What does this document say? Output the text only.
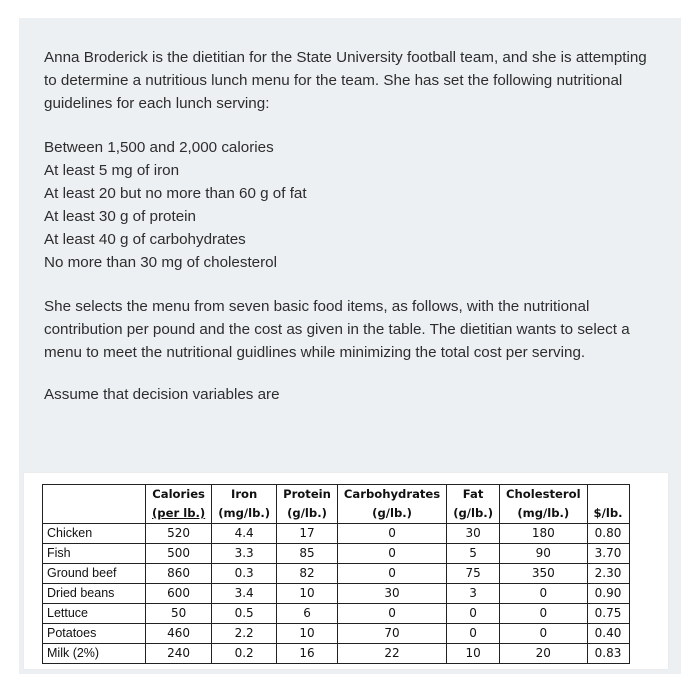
Anna Broderick is the dietitian for the State University football team, and she is attempting to determine a nutritious lunch menu for the team. She has set the following nutritional guidelines for each lunch serving:

Between 1,500 and 2,000 calories

At least 5 mg of iron

At least 20 but no more than 60 g of fat

At least 30 g of protein

At least 40 g of carbohydrates

No more than 30 mg of cholesterol

She selects the menu from seven basic food items, as follows, with the nutritional contribution per pound and the cost as given in the table. The dietitian wants to select a menu to meet the nutritional guidlines while minimizing the total cost per serving.

Assume that decision variables are

	Calories	Iron	Protein	Carbohydrates	Fat	Cholesterol	
	(per lb.)	(mg/lb.)	(g/lb.)	(g/lb.)	(g/lb.)	(mg/lb.)	$/lb.
Chicken	520	4.4	17	0	30	180	0.80
Fish	500	3.3	85	0	5	90	3.70
Ground beef	860	0.3	82	0	75	350	2.30
Dried beans	600	3.4	10	30	3	0	0.90
Lettuce	50	0.5	6	0	0	0	0.75
Potatoes	460	2.2	10	70	0	0	0.40
Milk (2%)	240	0.2	16	22	10	20	0.83
